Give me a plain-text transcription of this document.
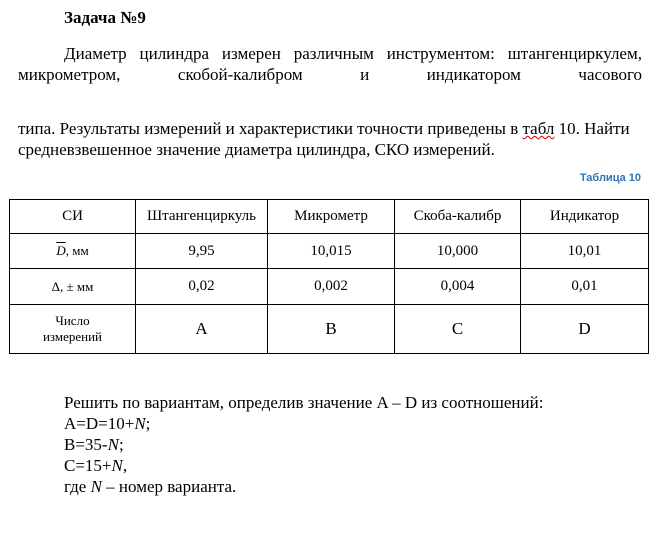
Задача №9
Диаметр цилиндра измерен различным инструментом: штангенциркулем, микрометром, скобой-калибром и индикатором часового
типа. Результаты измерений и характеристики точности приведены в табл 10. Найти средневзвешенное значение диаметра цилиндра, СКО измерений.
Таблица 10
СИ	Штангенциркуль	Микрометр	Скоба-калибр	Индикатор
$\overline{D}$, мм	9,95	10,015	10,000	10,01
Δ, ± мм	0,02	0,002	0,004	0,01

Число
измерений	A	B	C	D
Решить по вариантам, определив значение A – D из соотношений:
A=D=10+N;
B=35-N;
C=15+N,
где N – номер варианта.
